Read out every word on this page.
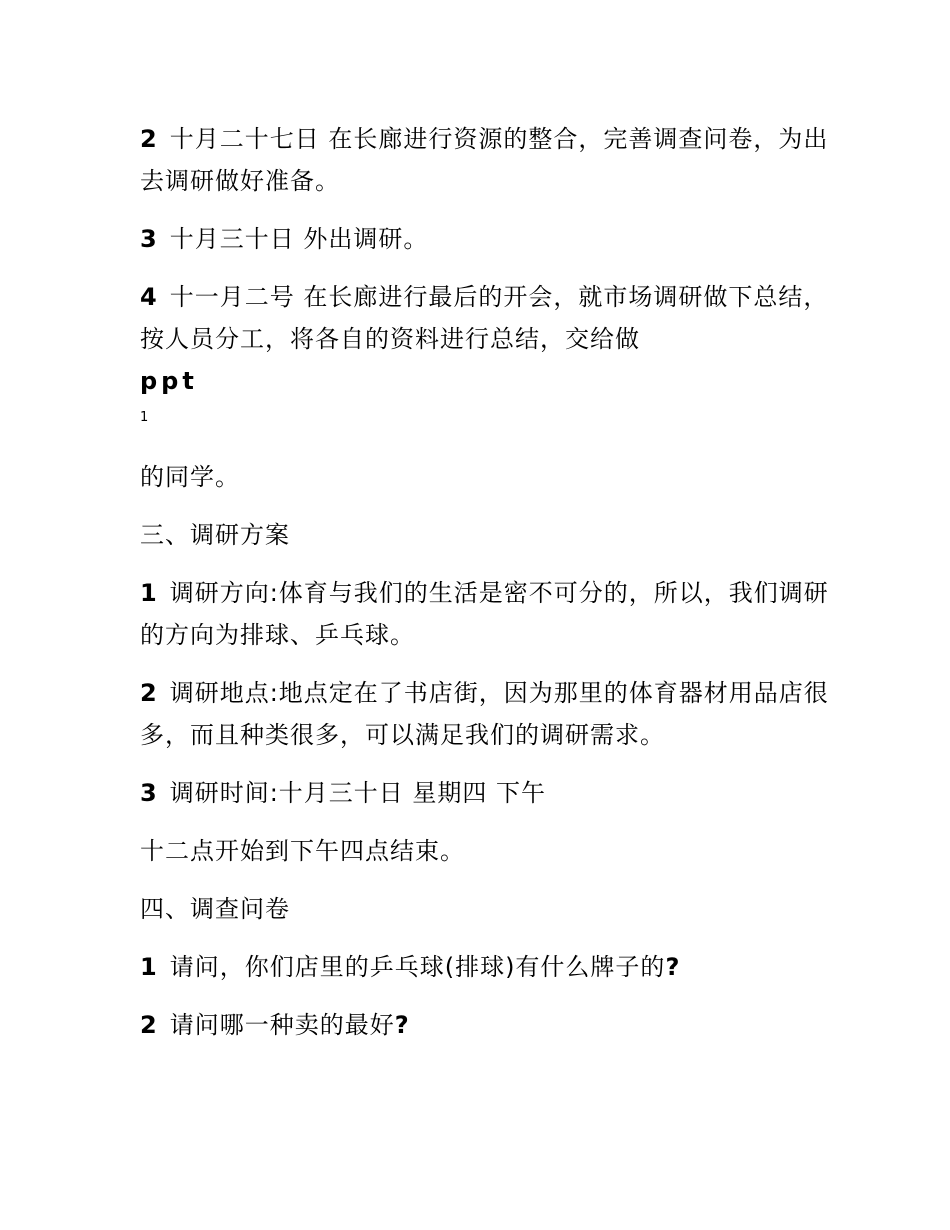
2 十月二十七日 在长廊进行资源的整合，完善调查问卷，为出去调研做好准备。

3 十月三十日 外出调研。

4 十一月二号 在长廊进行最后的开会，就市场调研做下总结，按人员分工，将各自的资料进行总结，交给做
ppt

1

的同学。

三、调研方案

1 调研方向:体育与我们的生活是密不可分的，所以，我们调研的方向为排球、乒乓球。

2 调研地点:地点定在了书店街，因为那里的体育器材用品店很多，而且种类很多，可以满足我们的调研需求。

3 调研时间:十月三十日 星期四 下午

十二点开始到下午四点结束。

四、调查问卷

1 请问，你们店里的乒乓球(排球)有什么牌子的?

2 请问哪一种卖的最好?
